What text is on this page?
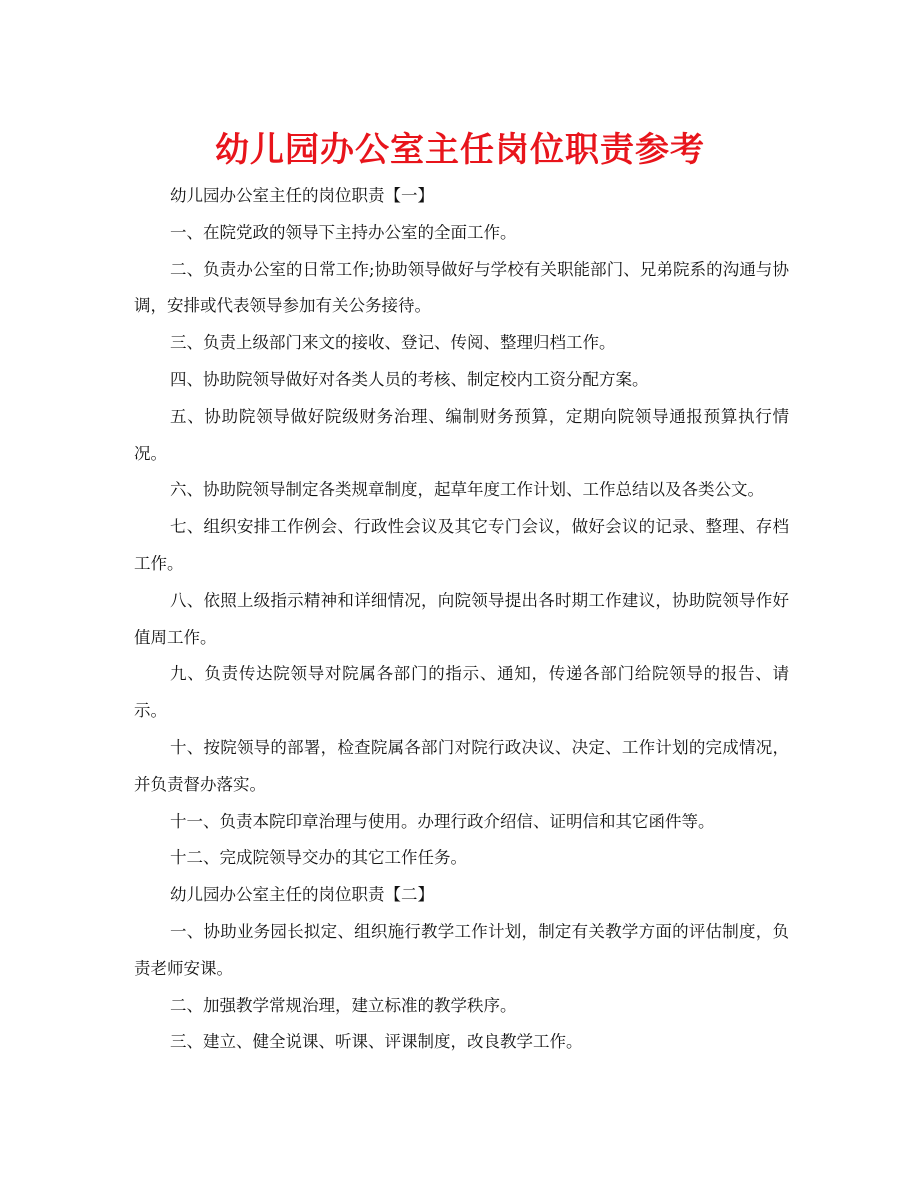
幼儿园办公室主任岗位职责参考

幼儿园办公室主任的岗位职责【一】

一、在院党政的领导下主持办公室的全面工作。

二、负责办公室的日常工作;协助领导做好与学校有关职能部门、兄弟院系的沟通与协调，安排或代表领导参加有关公务接待。

三、负责上级部门来文的接收、登记、传阅、整理归档工作。

四、协助院领导做好对各类人员的考核、制定校内工资分配方案。

五、协助院领导做好院级财务治理、编制财务预算，定期向院领导通报预算执行情况。

六、协助院领导制定各类规章制度，起草年度工作计划、工作总结以及各类公文。

七、组织安排工作例会、行政性会议及其它专门会议，做好会议的记录、整理、存档工作。

八、依照上级指示精神和详细情况，向院领导提出各时期工作建议，协助院领导作好值周工作。

九、负责传达院领导对院属各部门的指示、通知，传递各部门给院领导的报告、请示。

十、按院领导的部署，检查院属各部门对院行政决议、决定、工作计划的完成情况，并负责督办落实。

十一、负责本院印章治理与使用。办理行政介绍信、证明信和其它函件等。

十二、完成院领导交办的其它工作任务。

幼儿园办公室主任的岗位职责【二】

一、协助业务园长拟定、组织施行教学工作计划，制定有关教学方面的评估制度，负责老师安课。

二、加强教学常规治理，建立标准的教学秩序。

三、建立、健全说课、听课、评课制度，改良教学工作。
